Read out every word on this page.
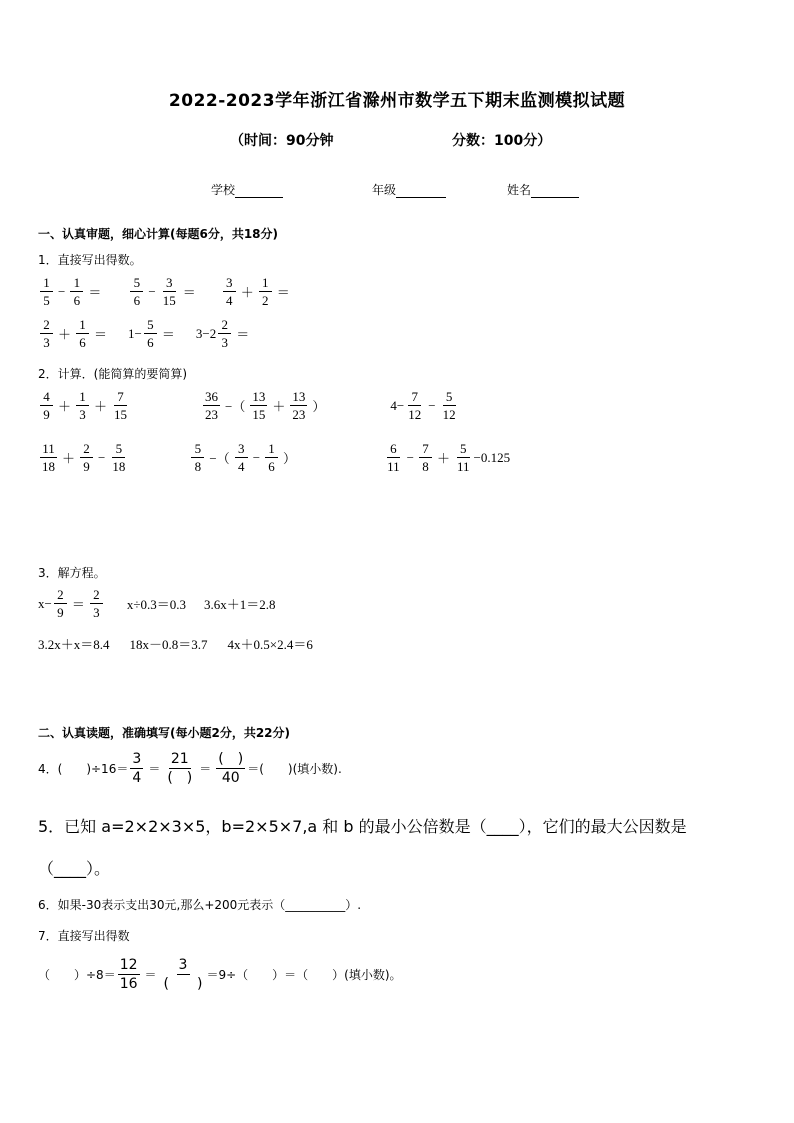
2022-2023学年浙江省滁州市数学五下期末监测模拟试题
（时间：90分钟	分数：100分）
学校	年级	姓名
一、认真审题，细心计算(每题6分，共18分)
1．直接写出得数。
$\frac{1}{5} - \frac{1}{6} = \frac{5}{6} - \frac{3}{15} = \frac{3}{4} + \frac{1}{2}$ ＝
$\frac{2}{3} + \frac{1}{6} = 1- \frac{5}{6} = 3-2 \frac{2}{3}$ ＝
2．计算．(能简算的要简算)
$\frac{4}{9} + \frac{1}{3} + \frac{7}{15}$	$\frac{36}{23}$ −（ $\frac{13}{15} + \frac{13}{23}$ ）	$4- \frac{7}{12} - \frac{5}{12}$
$\frac{11}{18} + \frac{2}{9} - \frac{5}{18}$	$\frac{5}{8}$ −（ $\frac{3}{4} - \frac{1}{6}$ ）	$\frac{6}{11} - \frac{7}{8} + \frac{5}{11} -0.125$
3．解方程。
$x- \frac{2}{9} = \frac{2}{3} x\div 0.3=0.3$ 3.6x＋1＝2.8
3.2x＋x＝8.4 18x－0.8＝3.7 4x＋0.5×2.4＝6
二、认真读题，准确填写(每小题2分，共22分)
4．(　　)$\div 16= \frac{3}{4} = \frac{21}{( )} = \frac{( )}{40}$ ＝(　　)(填小数).
5．已知 a=2×2×3×5，b=2×5×7,a 和 b 的最小公倍数是（____），它们的最大公因数是
（____）。
6．如果-30表示支出30元,那么+200元表示（__________）.
7．直接写出得数
（　　）$\div 8= \frac{12}{16} = \frac{3}{( )} =9\div$（　　）＝（　　）(填小数)。
